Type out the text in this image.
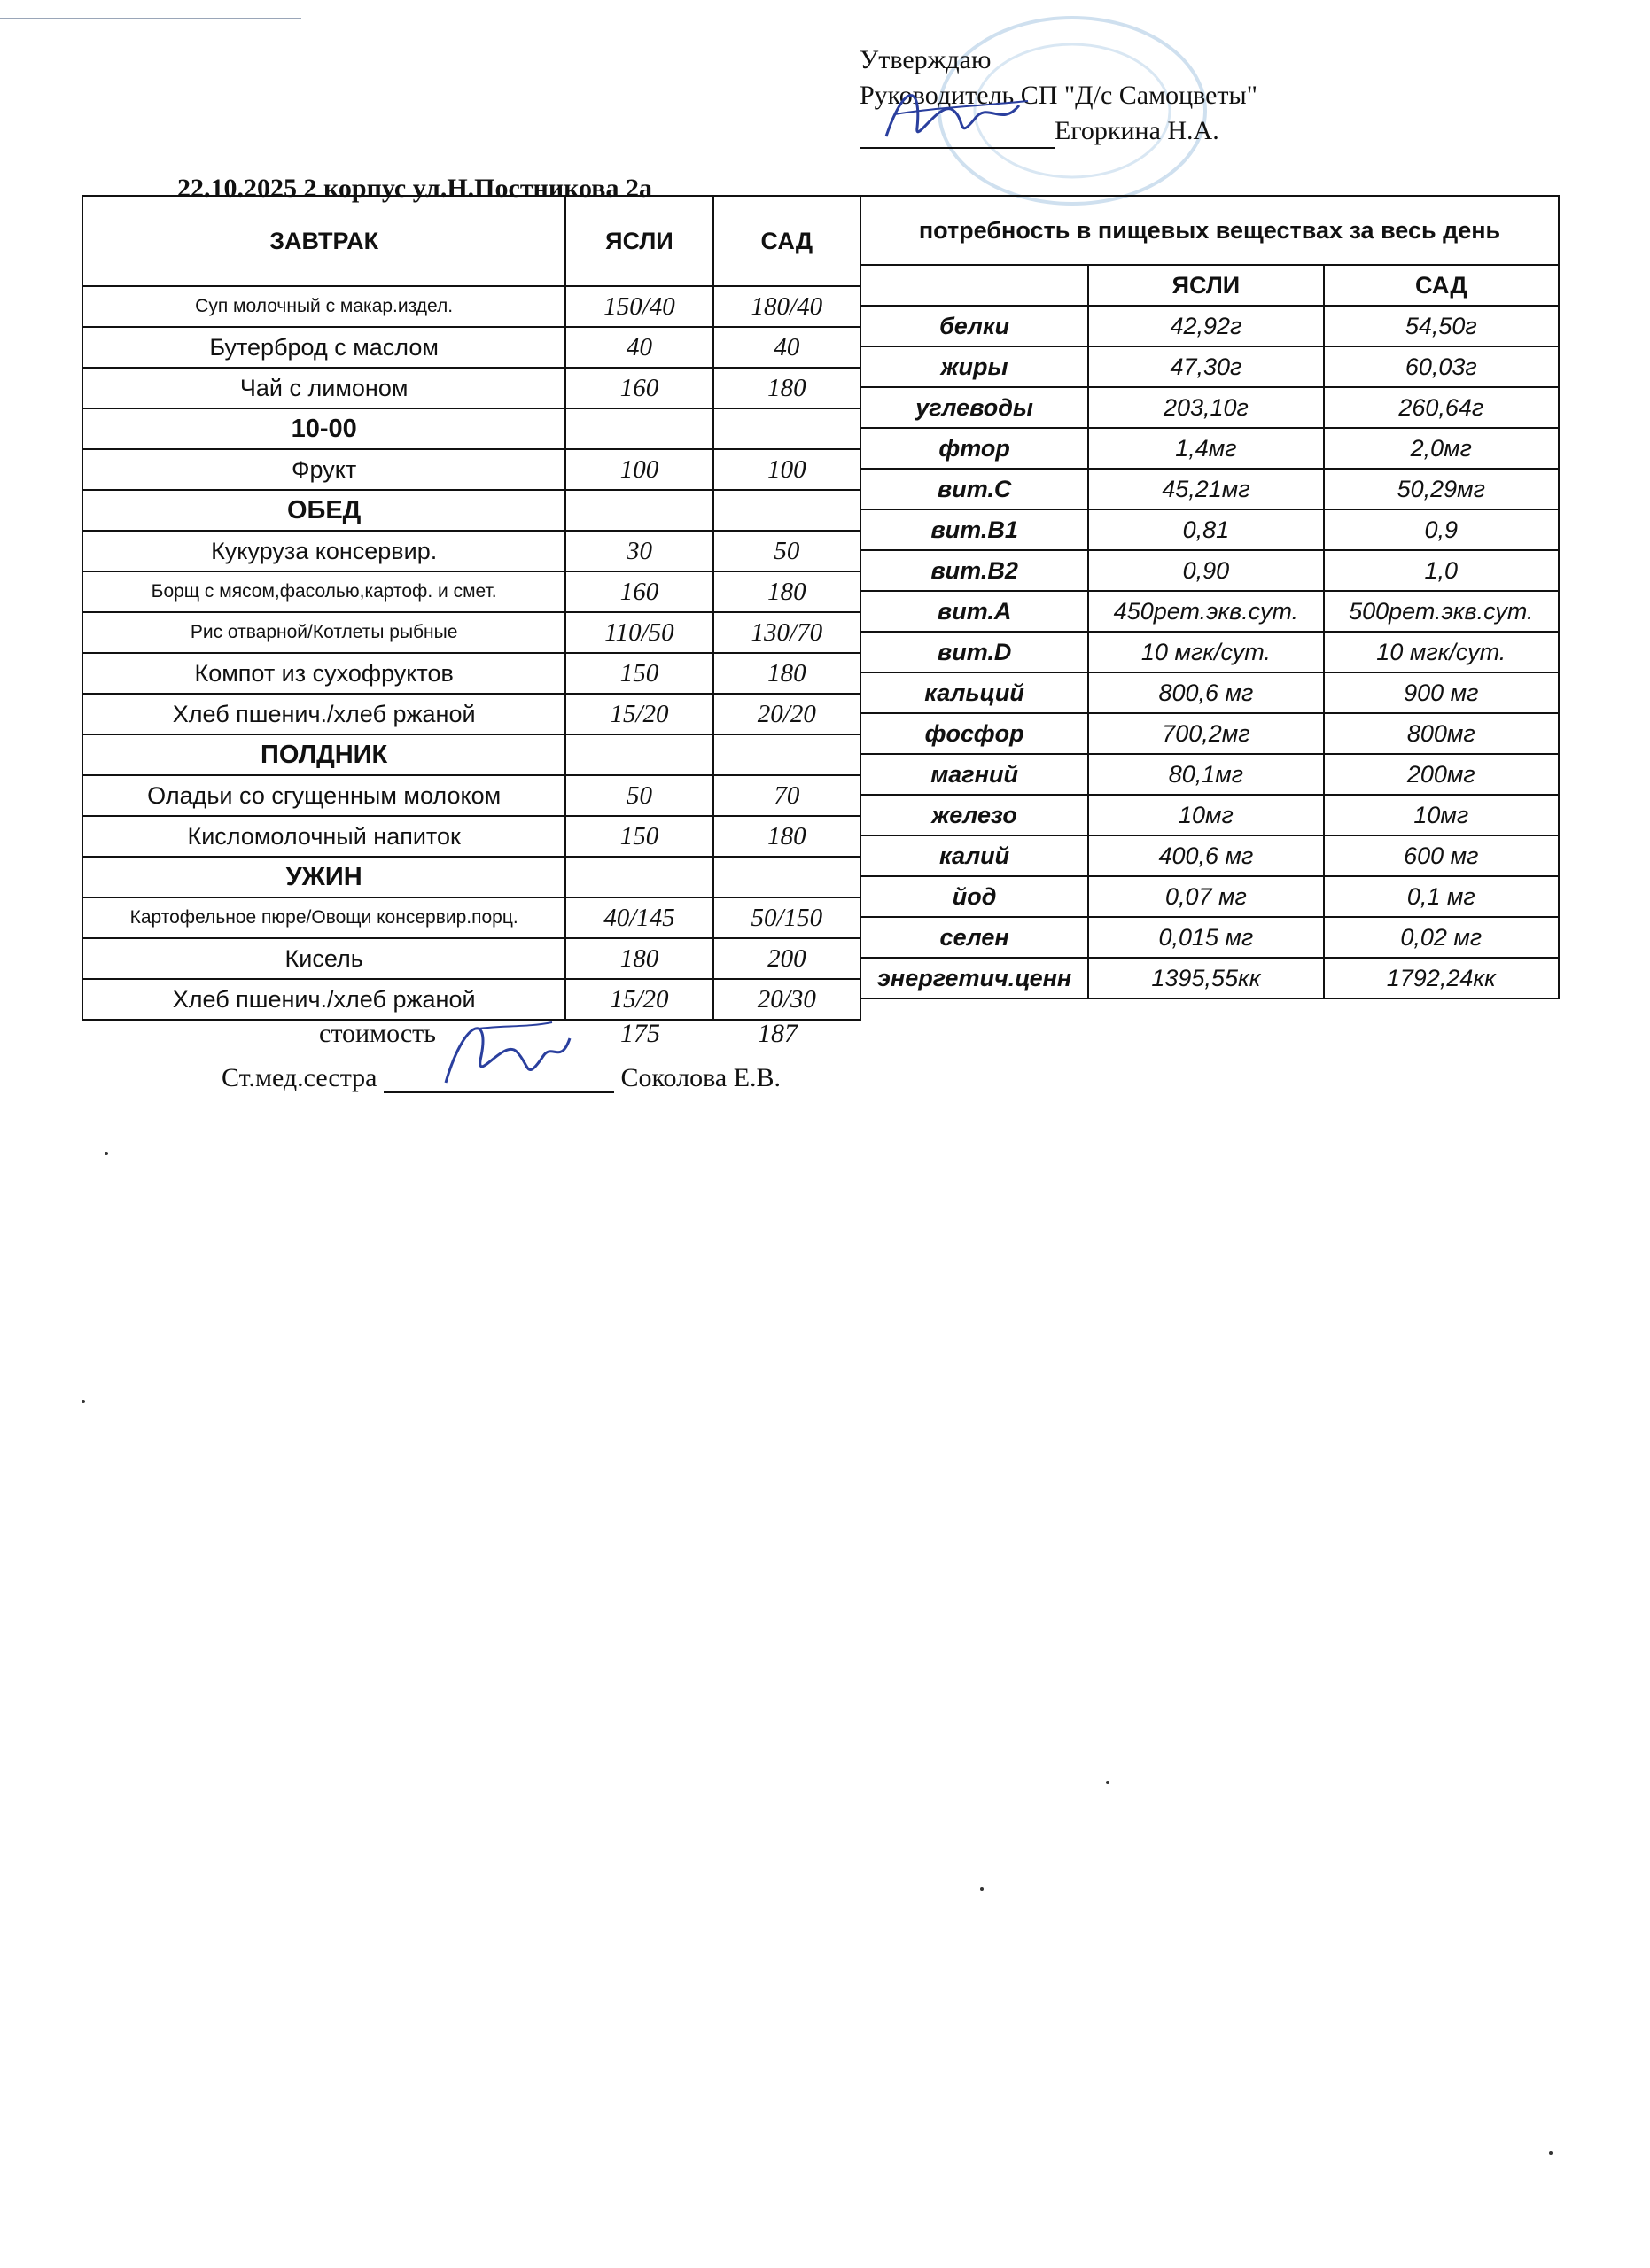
Утверждаю
Руководитель СП "Д/с Самоцветы"
Егоркина Н.А.
22.10.2025 2 корпус ул.Н.Постникова 2а
ЗАВТРАК	ЯСЛИ	САД
Суп молочный с макар.издел.	150/40	180/40
Бутерброд с маслом	40	40
Чай с лимоном	160	180
10-00		
Фрукт	100	100
ОБЕД		
Кукуруза консервир.	30	50
Борщ с мясом,фасолью,картоф. и смет.	160	180
Рис отварной/Котлеты рыбные	110/50	130/70
Компот из сухофруктов	150	180
Хлеб пшенич./хлеб ржаной	15/20	20/20
ПОЛДНИК		
Оладьи со сгущенным молоком	50	70
Кисломолочный напиток	150	180
УЖИН		
Картофельное пюре/Овощи консервир.порц.	40/145	50/150
Кисель	180	200
Хлеб пшенич./хлеб ржаной	15/20	20/30
потребность в пищевых веществах за весь день		
	ЯСЛИ	САД
белки	42,92г	54,50г
жиры	47,30г	60,03г
углеводы	203,10г	260,64г
фтор	1,4мг	2,0мг
вит.С	45,21мг	50,29мг
вит.В1	0,81	0,9
вит.В2	0,90	1,0
вит.А	450рет.экв.сут.	500рет.экв.сут.
вит.D	10 мгк/сут.	10 мгк/сут.
кальций	800,6 мг	900 мг
фосфор	700,2мг	800мг
магний	80,1мг	200мг
железо	10мг	10мг
калий	400,6 мг	600 мг
йод	0,07 мг	0,1 мг
селен	0,015 мг	0,02 мг
энергетич.ценн	1395,55кк	1792,24кк
стоимость	175	187
Ст.мед.сестра	Соколова Е.В.
